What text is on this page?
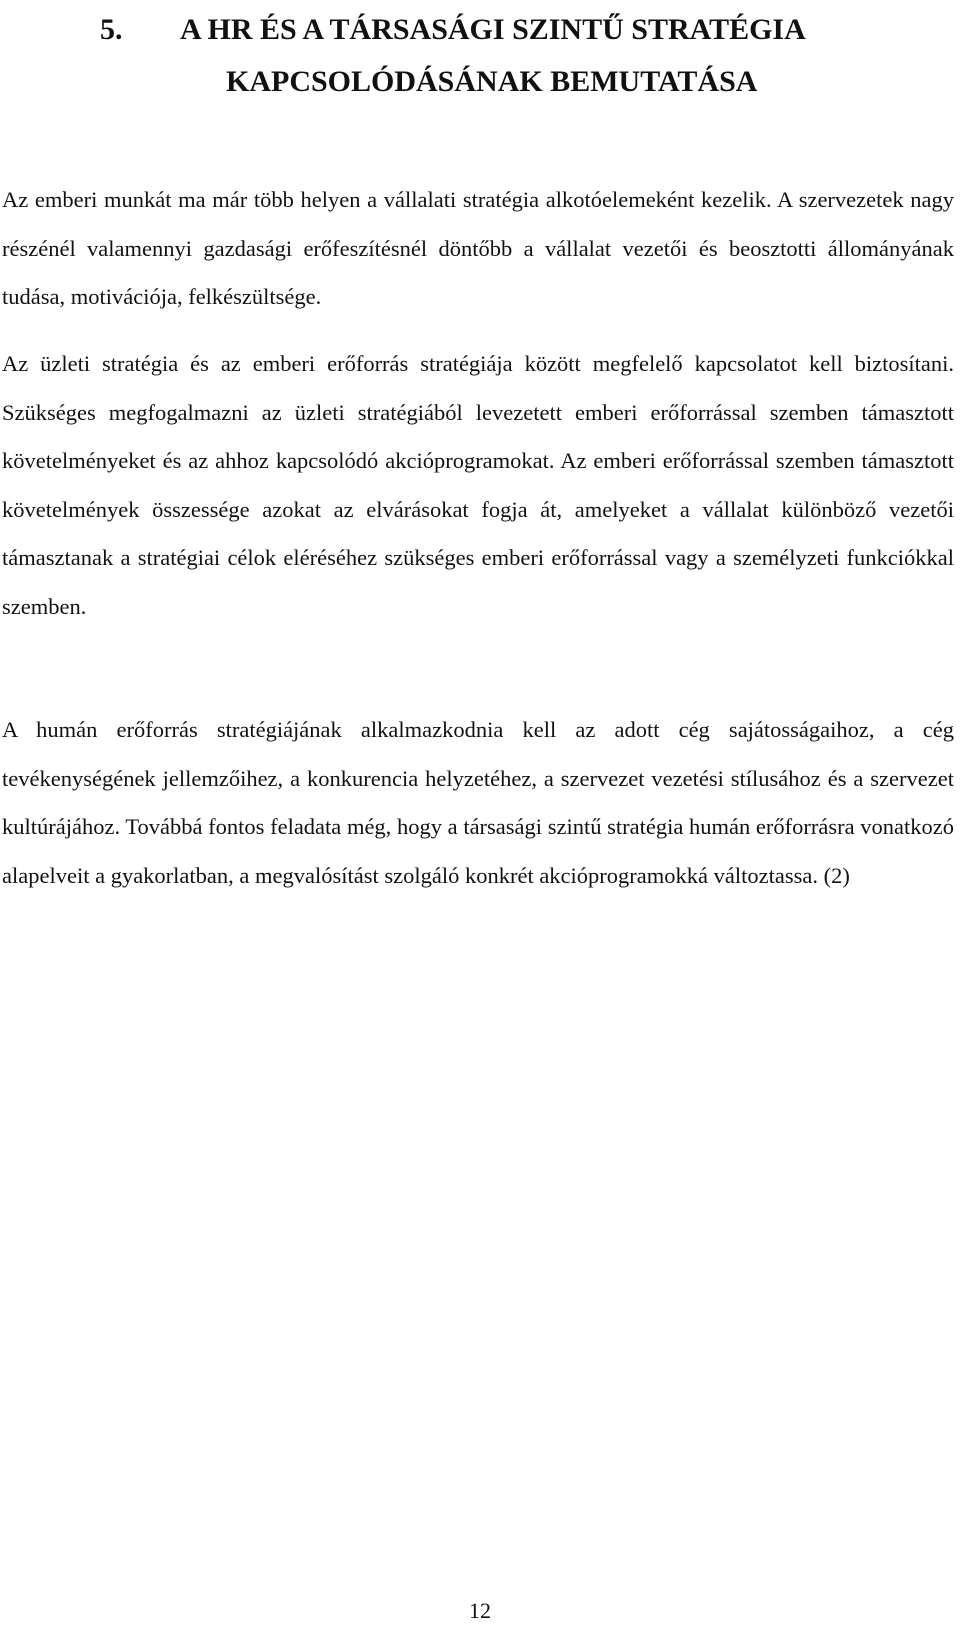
5. A HR ÉS A TÁRSASÁGI SZINTŰ STRATÉGIA
KAPCSOLÓDÁSÁNAK BEMUTATÁSA

Az emberi munkát ma már több helyen a vállalati stratégia alkotóelemeként kezelik. A szervezetek nagy részénél valamennyi gazdasági erőfeszítésnél döntőbb a vállalat vezetői és beosztotti állományának tudása, motivációja, felkészültsége.

Az üzleti stratégia és az emberi erőforrás stratégiája között megfelelő kapcsolatot kell biztosítani. Szükséges megfogalmazni az üzleti stratégiából levezetett emberi erőforrással szemben támasztott követelményeket és az ahhoz kapcsolódó akcióprogramokat. Az emberi erőforrással szemben támasztott követelmények összessége azokat az elvárásokat fogja át, amelyeket a vállalat különböző vezetői támasztanak a stratégiai célok eléréséhez szükséges emberi erőforrással vagy a személyzeti funkciókkal szemben.

A humán erőforrás stratégiájának alkalmazkodnia kell az adott cég sajátosságaihoz, a cég tevékenységének jellemzőihez, a konkurencia helyzetéhez, a szervezet vezetési stílusához és a szervezet kultúrájához. Továbbá fontos feladata még, hogy a társasági szintű stratégia humán erőforrásra vonatkozó alapelveit a gyakorlatban, a megvalósítást szolgáló konkrét akcióprogramokká változtassa. (2)

12
